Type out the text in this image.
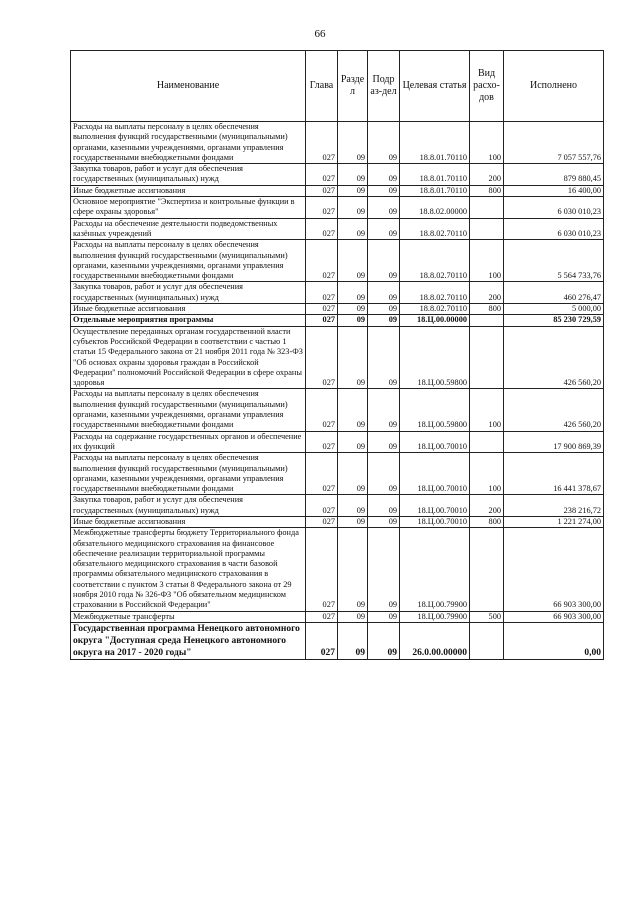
66
Наименование	Глава	Разде л	Подр аз-дел	Целевая статья	Вид расхо-дов	Исполнено
Расходы на выплаты персоналу в целях обеспечения выполнения функций государственными (муниципальными) органами, казенными учреждениями, органами управления государственными внебюджетными фондами	027	09	09	18.8.01.70110	100	7 057 557,76
Закупка товаров, работ и услуг для обеспечения государственных (муниципальных) нужд	027	09	09	18.8.01.70110	200	879 880,45
Иные бюджетные ассигнования	027	09	09	18.8.01.70110	800	16 400,00
Основное мероприятие "Экспертиза и контрольные функции в сфере охраны здоровья"	027	09	09	18.8.02.00000		6 030 010,23
Расходы на обеспечение деятельности подведомственных казённых учреждений	027	09	09	18.8.02.70110		6 030 010,23
Расходы на выплаты персоналу в целях обеспечения выполнения функций государственными (муниципальными) органами, казенными учреждениями, органами управления государственными внебюджетными фондами	027	09	09	18.8.02.70110	100	5 564 733,76
Закупка товаров, работ и услуг для обеспечения государственных (муниципальных) нужд	027	09	09	18.8.02.70110	200	460 276,47
Иные бюджетные ассигнования	027	09	09	18.8.02.70110	800	5 000,00
Отдельные мероприятия программы	027	09	09	18.Ц.00.00000		85 230 729,59
Осуществление переданных органам государственной власти субъектов Российской Федерации в соответствии с частью 1 статьи 15 Федерального закона от 21 ноября 2011 года № 323-ФЗ "Об основах охраны здоровья граждан в Российской Федерации" полномочий Российской Федерации в сфере охраны здоровья	027	09	09	18.Ц.00.59800		426 560,20
Расходы на выплаты персоналу в целях обеспечения выполнения функций государственными (муниципальными) органами, казенными учреждениями, органами управления государственными внебюджетными фондами	027	09	09	18.Ц.00.59800	100	426 560,20
Расходы на содержание государственных органов и обеспечение их функций	027	09	09	18.Ц.00.70010		17 900 869,39
Расходы на выплаты персоналу в целях обеспечения выполнения функций государственными (муниципальными) органами, казенными учреждениями, органами управления государственными внебюджетными фондами	027	09	09	18.Ц.00.70010	100	16 441 378,67
Закупка товаров, работ и услуг для обеспечения государственных (муниципальных) нужд	027	09	09	18.Ц.00.70010	200	238 216,72
Иные бюджетные ассигнования	027	09	09	18.Ц.00.70010	800	1 221 274,00
Межбюджетные трансферты бюджету Территориального фонда обязательного медицинского страхования на финансовое обеспечение реализации территориальной программы обязательного медицинского страхования в части базовой программы обязательного медицинского страхования в соответствии с пунктом 3 статьи 8 Федерального закона от 29 ноября 2010 года № 326-ФЗ "Об обязательном медицинском страховании в Российской Федерации"	027	09	09	18.Ц.00.79900		66 903 300,00
Межбюджетные трансферты	027	09	09	18.Ц.00.79900	500	66 903 300,00
Государственная программа Ненецкого автономного округа "Доступная среда Ненецкого автономного округа на 2017 - 2020 годы"	027	09	09	26.0.00.00000		0,00
